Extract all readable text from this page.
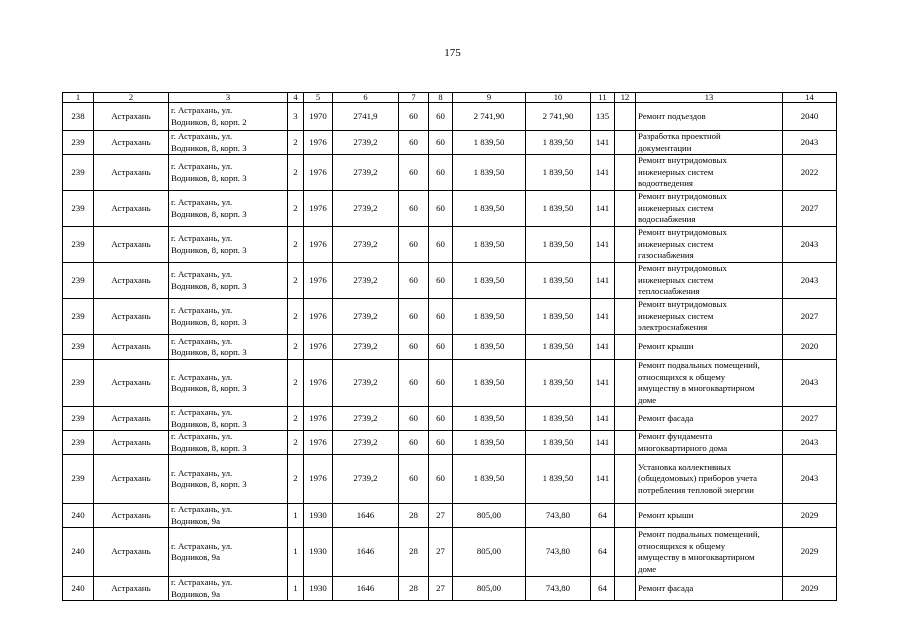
175
1	2	3	4	5	6	7	8	9	10	11	12	13	14
238	Астрахань	г. Астрахань, ул.
Водников, 8, корп. 2	3	1970	2741,9	60	60	2 741,90	2 741,90	135		Ремонт подъездов	2040
239	Астрахань	г. Астрахань, ул.
Водников, 8, корп. 3	2	1976	2739,2	60	60	1 839,50	1 839,50	141		Разработка проектной
документации	2043
239	Астрахань	г. Астрахань, ул.
Водников, 8, корп. 3	2	1976	2739,2	60	60	1 839,50	1 839,50	141		Ремонт внутридомовых
инженерных систем
водоотведения	2022
239	Астрахань	г. Астрахань, ул.
Водников, 8, корп. 3	2	1976	2739,2	60	60	1 839,50	1 839,50	141		Ремонт внутридомовых
инженерных систем
водоснабжения	2027
239	Астрахань	г. Астрахань, ул.
Водников, 8, корп. 3	2	1976	2739,2	60	60	1 839,50	1 839,50	141		Ремонт внутридомовых
инженерных систем
газоснабжения	2043
239	Астрахань	г. Астрахань, ул.
Водников, 8, корп. 3	2	1976	2739,2	60	60	1 839,50	1 839,50	141		Ремонт внутридомовых
инженерных систем
теплоснабжения	2043
239	Астрахань	г. Астрахань, ул.
Водников, 8, корп. 3	2	1976	2739,2	60	60	1 839,50	1 839,50	141		Ремонт внутридомовых
инженерных систем
электроснабжения	2027
239	Астрахань	г. Астрахань, ул.
Водников, 8, корп. 3	2	1976	2739,2	60	60	1 839,50	1 839,50	141		Ремонт крыши	2020
239	Астрахань	г. Астрахань, ул.
Водников, 8, корп. 3	2	1976	2739,2	60	60	1 839,50	1 839,50	141		Ремонт подвальных помещений,
относящихся к общему
имуществу в многоквартирном
доме	2043
239	Астрахань	г. Астрахань, ул.
Водников, 8, корп. 3	2	1976	2739,2	60	60	1 839,50	1 839,50	141		Ремонт фасада	2027
239	Астрахань	г. Астрахань, ул.
Водников, 8, корп. 3	2	1976	2739,2	60	60	1 839,50	1 839,50	141		Ремонт фундамента
многоквартирного дома	2043
239	Астрахань	г. Астрахань, ул.
Водников, 8, корп. 3	2	1976	2739,2	60	60	1 839,50	1 839,50	141		Установка коллективных
(общедомовых) приборов учета
потребления тепловой энергии	2043
240	Астрахань	г. Астрахань, ул.
Водников, 9а	1	1930	1646	28	27	805,00	743,80	64		Ремонт крыши	2029
240	Астрахань	г. Астрахань, ул.
Водников, 9а	1	1930	1646	28	27	805,00	743,80	64		Ремонт подвальных помещений,
относящихся к общему
имуществу в многоквартирном
доме	2029
240	Астрахань	г. Астрахань, ул.
Водников, 9а	1	1930	1646	28	27	805,00	743,80	64		Ремонт фасада	2029
